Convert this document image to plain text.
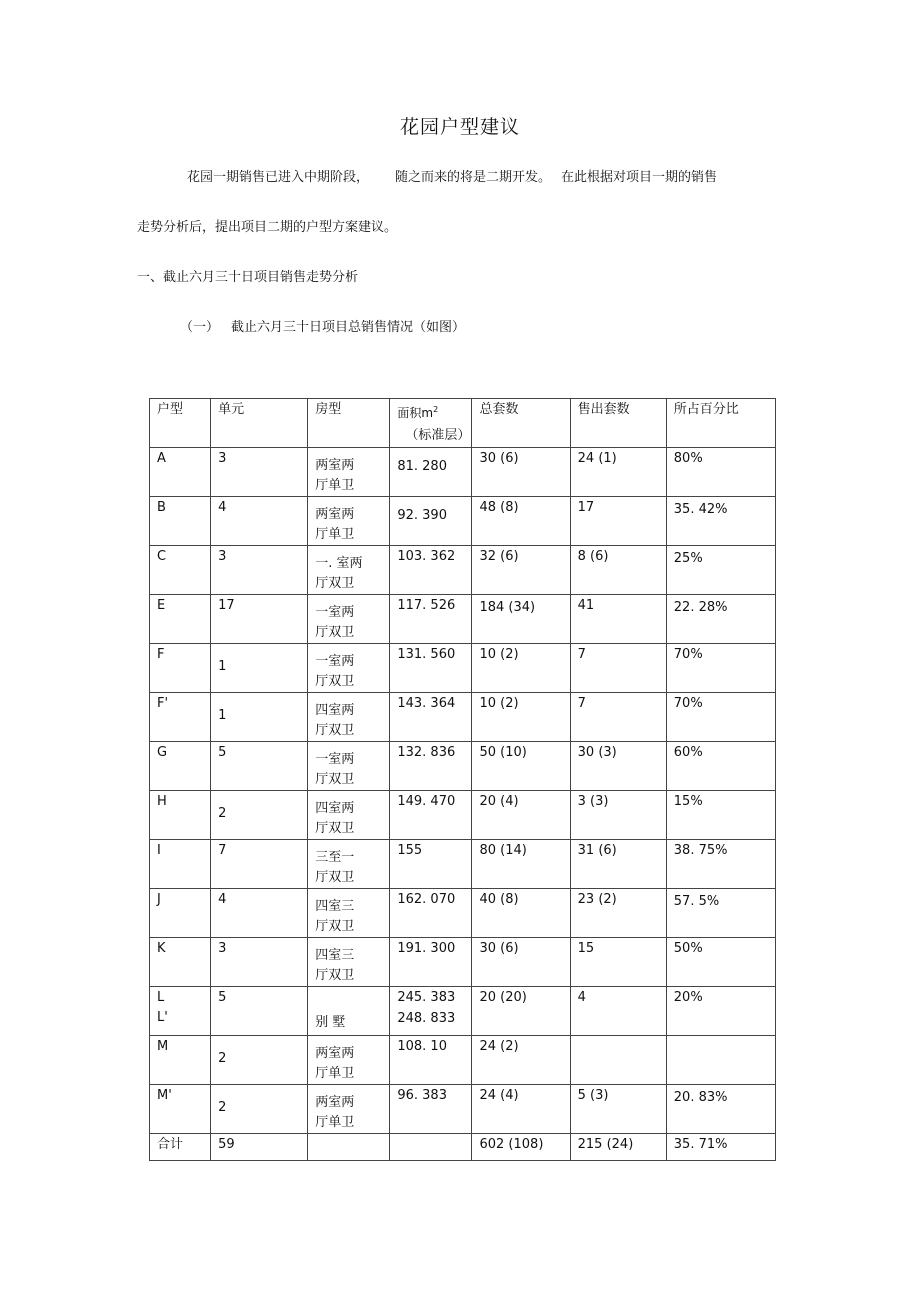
花园户型建议
花园一期销售已进入中期阶段， 随之而来的将是二期开发。 在此根据对项目一期的销售
走势分析后，提出项目二期的户型方案建议。
一、截止六月三十日项目销售走势分析
（一） 截止六月三十日项目总销售情况（如图）
户型	单元	房型	面积$m^2$
（标准层）	总套数	售出套数	所占百分比

A	3	两室两
厅单卫	81. 280	30 (6)	24 (1)	80%

B	4	两室两
厅单卫	92. 390	48 (8)	17	35. 42%

C	3	一. 室两
厅双卫	103. 362	32 (6)	8 (6)	25%

E	17	一室两
厅双卫	117. 526	184 (34)	41	22. 28%

F	1	一室两
厅双卫	131. 560	10 (2)	7	70%

F'	1	四室两
厅双卫	143. 364	10 (2)	7	70%

G	5	一室两
厅双卫	132. 836	50 (10)	30 (3)	60%

H	2	四室两
厅双卫	149. 470	20 (4)	3 (3)	15%

I	7	三至一
厅双卫	155	80 (14)	31 (6)	38. 75%

J	4	四室三
厅双卫	162. 070	40 (8)	23 (2)	57. 5%

K	3	四室三
厅双卫	191. 300	30 (6)	15	50%

L
L'	5	别 墅	245. 383
248. 833	20 (20)	4	20%

M	2	两室两
厅单卫	108. 10	24 (2)		

M'	2	两室两
厅单卫	96. 383	24 (4)	5 (3)	20. 83%

合计	59			602 (108)	215 (24)	35. 71%
